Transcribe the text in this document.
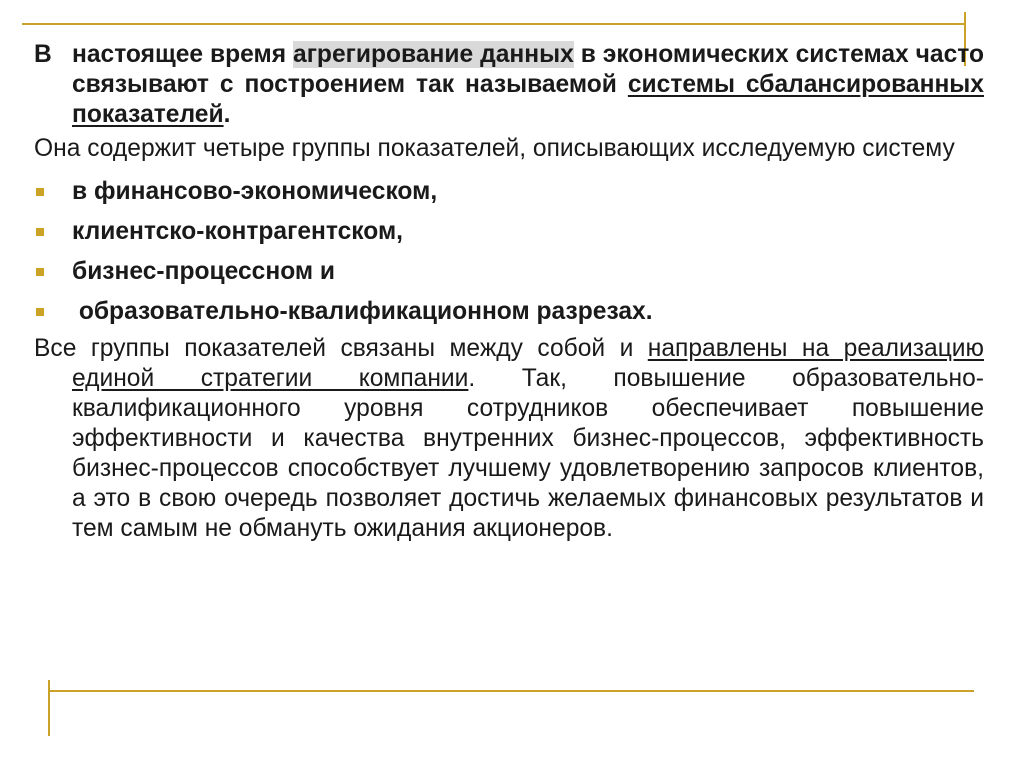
В настоящее время агрегирование данных в экономических системах часто связывают с построением так называемой системы сбалансированных показателей.
Она содержит четыре группы показателей, описывающих исследуемую систему
в финансово-экономическом,
клиентско-контрагентском,
бизнес-процессном и
образовательно-квалификационном разрезах.
Все группы показателей связаны между собой и направлены на реализацию единой стратегии компании. Так, повышение образовательно-квалификационного уровня сотрудников обеспечивает повышение эффективности и качества внутренних бизнес-процессов, эффективность бизнес-процессов способствует лучшему удовлетворению запросов клиентов, а это в свою очередь позволяет достичь желаемых финансовых результатов и тем самым не обмануть ожидания акционеров.
